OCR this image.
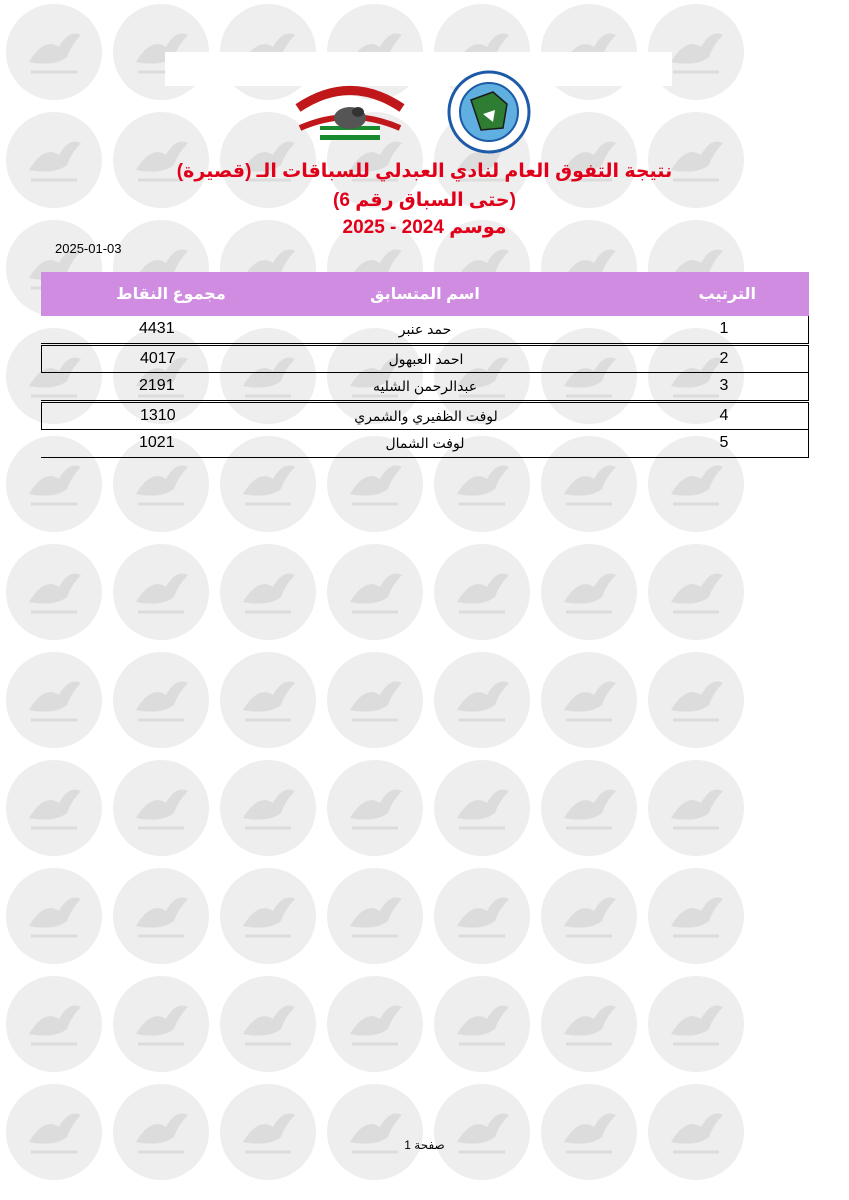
نتيجة التفوق العام لنادي العبدلي للسباقات الـ (قصيرة)
(حتى السباق رقم 6)
موسم 2024 - 2025
2025-01-03
الترتيب
اسم المتسابق
مجموع النقاط
1
حمد عنبر
4431
2
احمد العبهول
4017
3
عبدالرحمن الشليه
2191
4
لوفت الظفيري والشمري
1310
5
لوفت الشمال
1021
صفحة 1
